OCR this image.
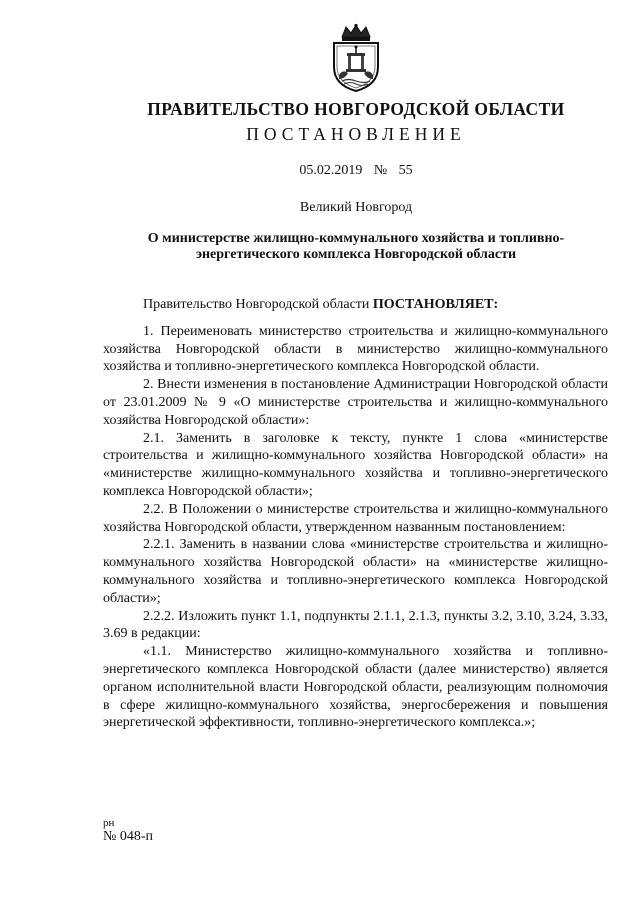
ПРАВИТЕЛЬСТВО НОВГОРОДСКОЙ ОБЛАСТИ
ПОСТАНОВЛЕНИЕ
05.02.2019 № 55
Великий Новгород
О министерстве жилищно-коммунального хозяйства и топливно-
энергетического комплекса Новгородской области

Правительство Новгородской области ПОСТАНОВЛЯЕТ:

1. Переименовать министерство строительства и жилищно-коммунального хозяйства Новгородской области в министерство жилищно-коммунального хозяйства и топливно-энергетического комплекса Новгородской области.

2. Внести изменения в постановление Администрации Новгородской области от 23.01.2009 № 9 «О министерстве строительства и жилищно-коммунального хозяйства Новгородской области»:

2.1. Заменить в заголовке к тексту, пункте 1 слова «министерстве строительства и жилищно-коммунального хозяйства Новгородской области» на «министерстве жилищно-коммунального хозяйства и топливно-энергетического комплекса Новгородской области»;

2.2. В Положении о министерстве строительства и жилищно-коммунального хозяйства Новгородской области, утвержденном названным постановлением:

2.2.1. Заменить в названии слова «министерстве строительства и жилищно-коммунального хозяйства Новгородской области» на «министерстве жилищно-коммунального хозяйства и топливно-энергетического комплекса Новгородской области»;

2.2.2. Изложить пункт 1.1, подпункты 2.1.1, 2.1.3, пункты 3.2, 3.10, 3.24, 3.33, 3.69 в редакции:

«1.1. Министерство жилищно-коммунального хозяйства и топливно-энергетического комплекса Новгородской области (далее министерство) является органом исполнительной власти Новгородской области, реализующим полномочия в сфере жилищно-коммунального хозяйства, энергосбережения и повышения энергетической эффективности, топливно-энергетического комплекса.»;

рн
№ 048-п
